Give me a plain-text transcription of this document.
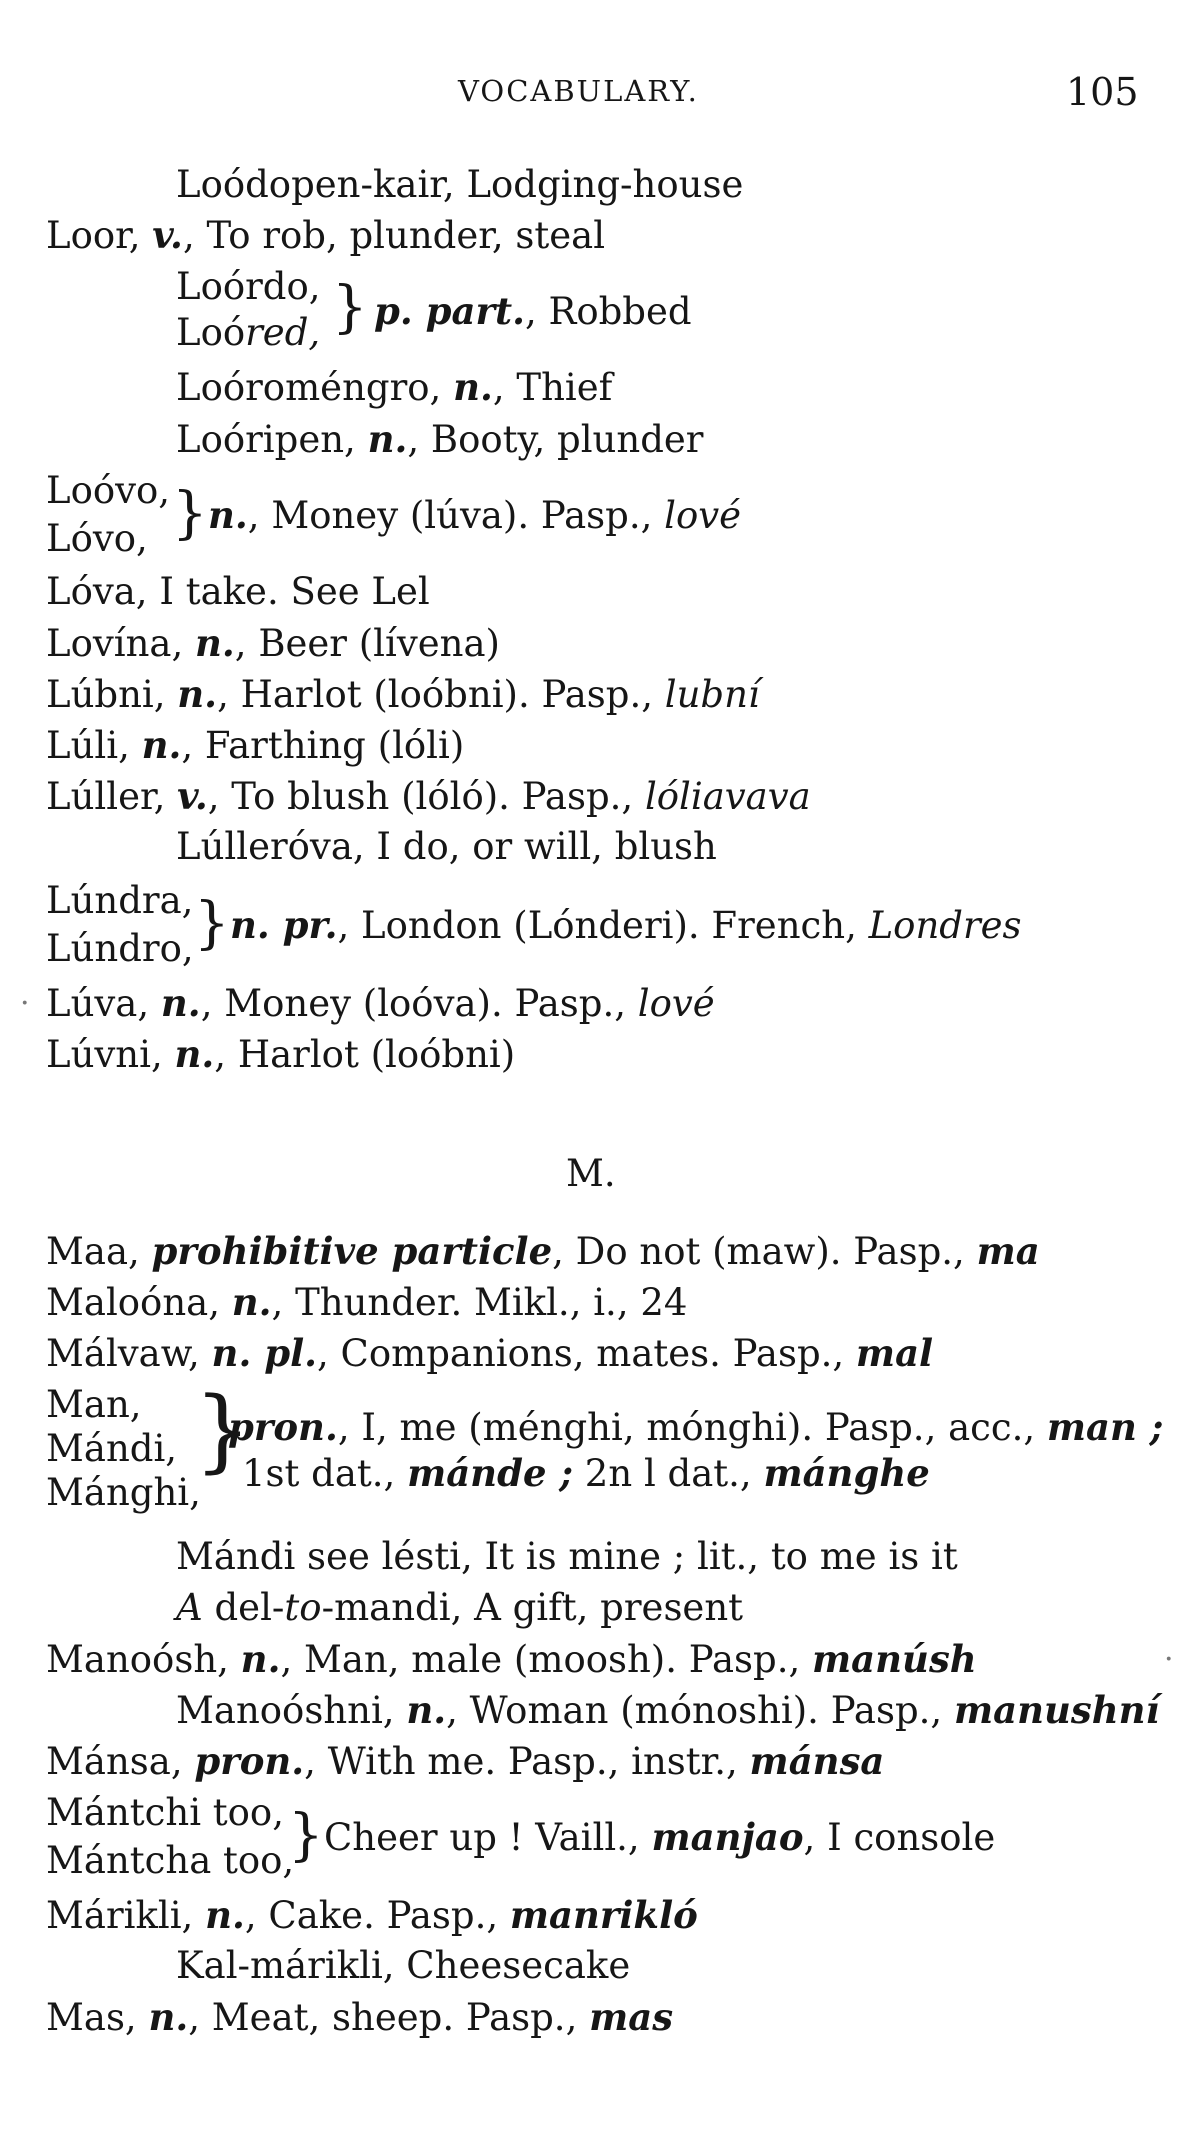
VOCABULARY.	105
Loódopen-kair, Lodging-house
Loor, v., To rob, plunder, steal
Loórdo,
Loóred, } p. part., Robbed
Loóroméngro, n., Thief
Loóripen, n., Booty, plunder
Loóvo,
Lóvo, } n., Money (lúva). Pasp., lové
Lóva, I take. See Lel
Lovína, n., Beer (lívena)
Lúbni, n., Harlot (loóbni). Pasp., lubní
Lúli, n., Farthing (lóli)
Lúller, v., To blush (lóló). Pasp., lóliavava
Lúlleróva, I do, or will, blush
Lúndra,
Lúndro, } n. pr., London (Lónderi). French, Londres
Lúva, n., Money (loóva). Pasp., lové
·
Lúvni, n., Harlot (loóbni)
M.
Maa, prohibitive particle, Do not (maw). Pasp., ma
Maloóna, n., Thunder. Mikl., i., 24
Málvaw, n. pl., Companions, mates. Pasp., mal
Man,
Mándi,
Mánghi,
}
pron., I, me (ménghi, mónghi). Pasp., acc., man ;
1st dat., mánde ; 2n l dat., mánghe
Mándi see lésti, It is mine ; lit., to me is it
A del-to-mandi, A gift, present
Manoósh, n., Man, male (moosh). Pasp., manúsh	·
Manoóshni, n., Woman (mónoshi). Pasp., manushní
Mánsa, pron., With me. Pasp., instr., mánsa
Mántchi too,
Mántcha too,
} Cheer up ! Vaill., manjao, I console
Márikli, n., Cake. Pasp., manrikló
Kal-márikli, Cheesecake
Mas, n., Meat, sheep. Pasp., mas
